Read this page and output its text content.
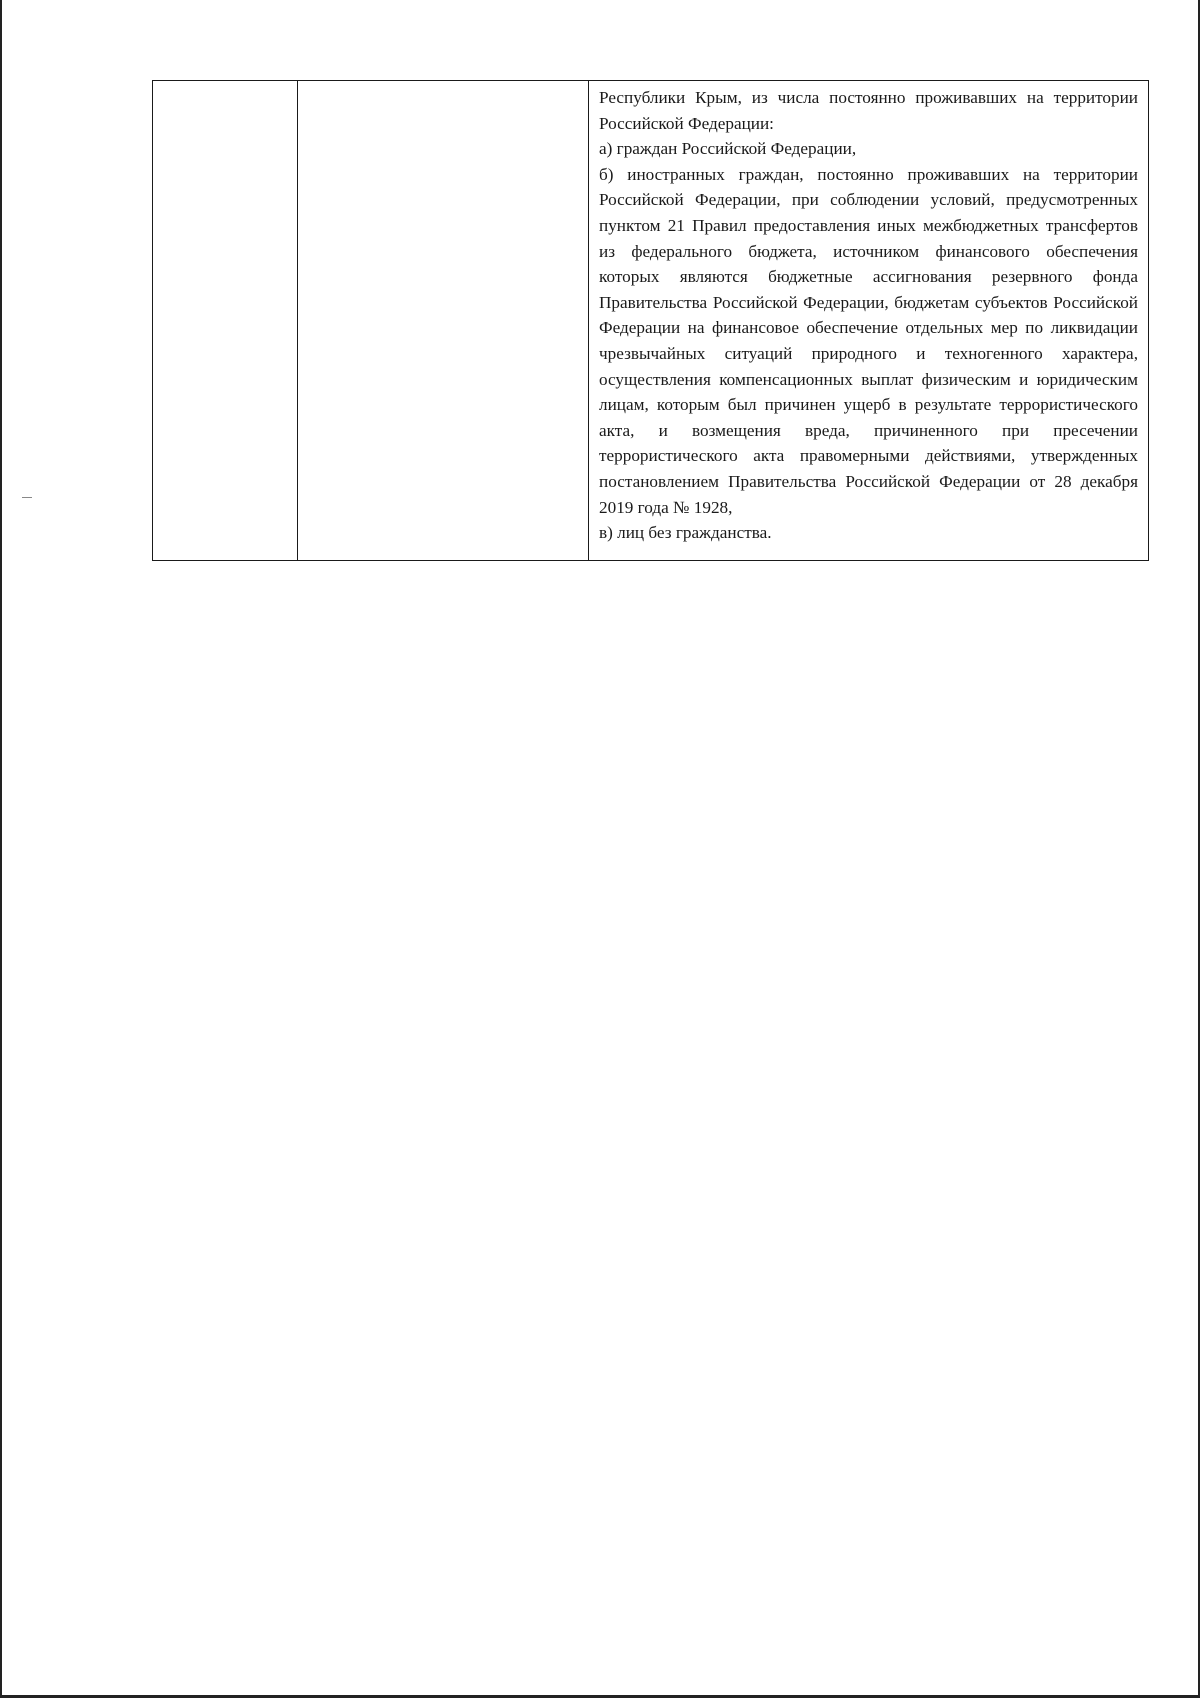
Республики Крым, из числа постоянно проживавших на территории Российской Федерации:

а) граждан Российской Федерации,

б) иностранных граждан, постоянно проживавших на территории Российской Федерации, при соблюдении условий, предусмотренных пунктом 21 Правил предоставления иных межбюджетных трансфертов из федерального бюджета, источником финансового обеспечения которых являются бюджетные ассигнования резервного фонда Правительства Российской Федерации, бюджетам субъектов Российской Федерации на финансовое обеспечение отдельных мер по ликвидации чрезвычайных ситуаций природного и техногенного характера, осуществления компенсационных выплат физическим и юридическим лицам, которым был причинен ущерб в результате террористического акта, и возмещения вреда, причиненного при пресечении террористического акта правомерными действиями, утвержденных постановлением Правительства Российской Федерации от 28 декабря 2019 года № 1928,

в) лиц без гражданства.
